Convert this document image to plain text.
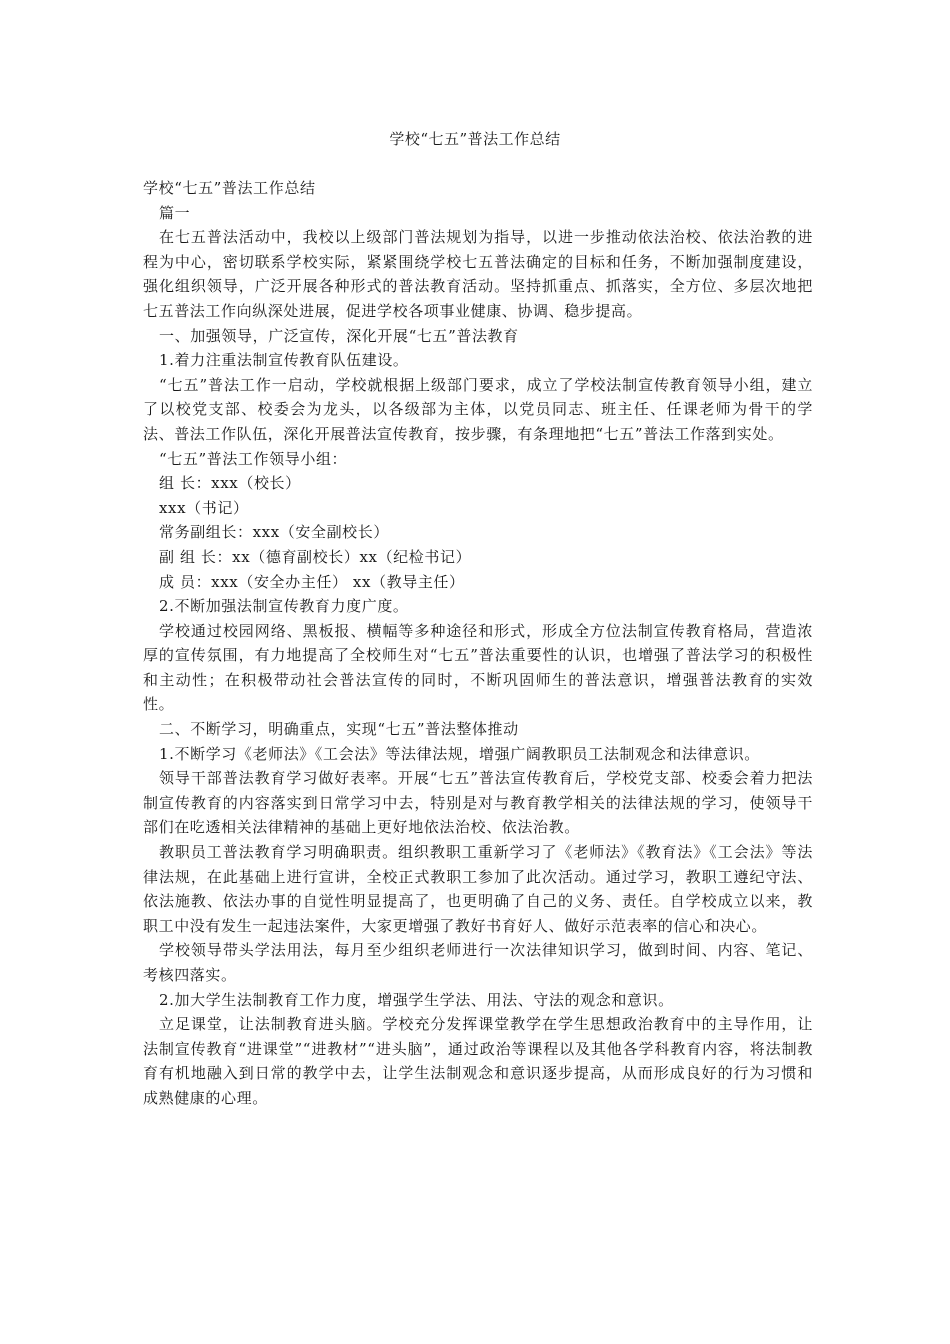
学校“七五”普法工作总结

学校“七五”普法工作总结

篇一

在七五普法活动中，我校以上级部门普法规划为指导，以进一步推动依法治校、依法治教的进程为中心，密切联系学校实际，紧紧围绕学校七五普法确定的目标和任务，不断加强制度建设，强化组织领导，广泛开展各种形式的普法教育活动。坚持抓重点、抓落实，全方位、多层次地把七五普法工作向纵深处进展，促进学校各项事业健康、协调、稳步提高。

一、加强领导，广泛宣传，深化开展“七五”普法教育

1.着力注重法制宣传教育队伍建设。

“七五”普法工作一启动，学校就根据上级部门要求，成立了学校法制宣传教育领导小组，建立了以校党支部、校委会为龙头，以各级部为主体，以党员同志、班主任、任课老师为骨干的学法、普法工作队伍，深化开展普法宣传教育，按步骤，有条理地把“七五”普法工作落到实处。

“七五”普法工作领导小组：

组 长：xxx（校长）

xxx（书记）

常务副组长：xxx（安全副校长）

副 组 长：xx（德育副校长）xx（纪检书记）

成 员：xxx（安全办主任） xx（教导主任）

2.不断加强法制宣传教育力度广度。

学校通过校园网络、黑板报、横幅等多种途径和形式，形成全方位法制宣传教育格局，营造浓厚的宣传氛围，有力地提高了全校师生对“七五”普法重要性的认识，也增强了普法学习的积极性和主动性；在积极带动社会普法宣传的同时，不断巩固师生的普法意识，增强普法教育的实效性。

二、不断学习，明确重点，实现“七五”普法整体推动

1.不断学习《老师法》《工会法》等法律法规，增强广阔教职员工法制观念和法律意识。

领导干部普法教育学习做好表率。开展“七五”普法宣传教育后，学校党支部、校委会着力把法制宣传教育的内容落实到日常学习中去，特别是对与教育教学相关的法律法规的学习，使领导干部们在吃透相关法律精神的基础上更好地依法治校、依法治教。

教职员工普法教育学习明确职责。组织教职工重新学习了《老师法》《教育法》《工会法》等法律法规，在此基础上进行宣讲，全校正式教职工参加了此次活动。通过学习，教职工遵纪守法、依法施教、依法办事的自觉性明显提高了，也更明确了自己的义务、责任。自学校成立以来，教职工中没有发生一起违法案件，大家更增强了教好书育好人、做好示范表率的信心和决心。

学校领导带头学法用法，每月至少组织老师进行一次法律知识学习，做到时间、内容、笔记、考核四落实。

2.加大学生法制教育工作力度，增强学生学法、用法、守法的观念和意识。

立足课堂，让法制教育进头脑。学校充分发挥课堂教学在学生思想政治教育中的主导作用，让法制宣传教育“进课堂”“进教材”“进头脑”，通过政治等课程以及其他各学科教育内容，将法制教育有机地融入到日常的教学中去，让学生法制观念和意识逐步提高，从而形成良好的行为习惯和成熟健康的心理。
